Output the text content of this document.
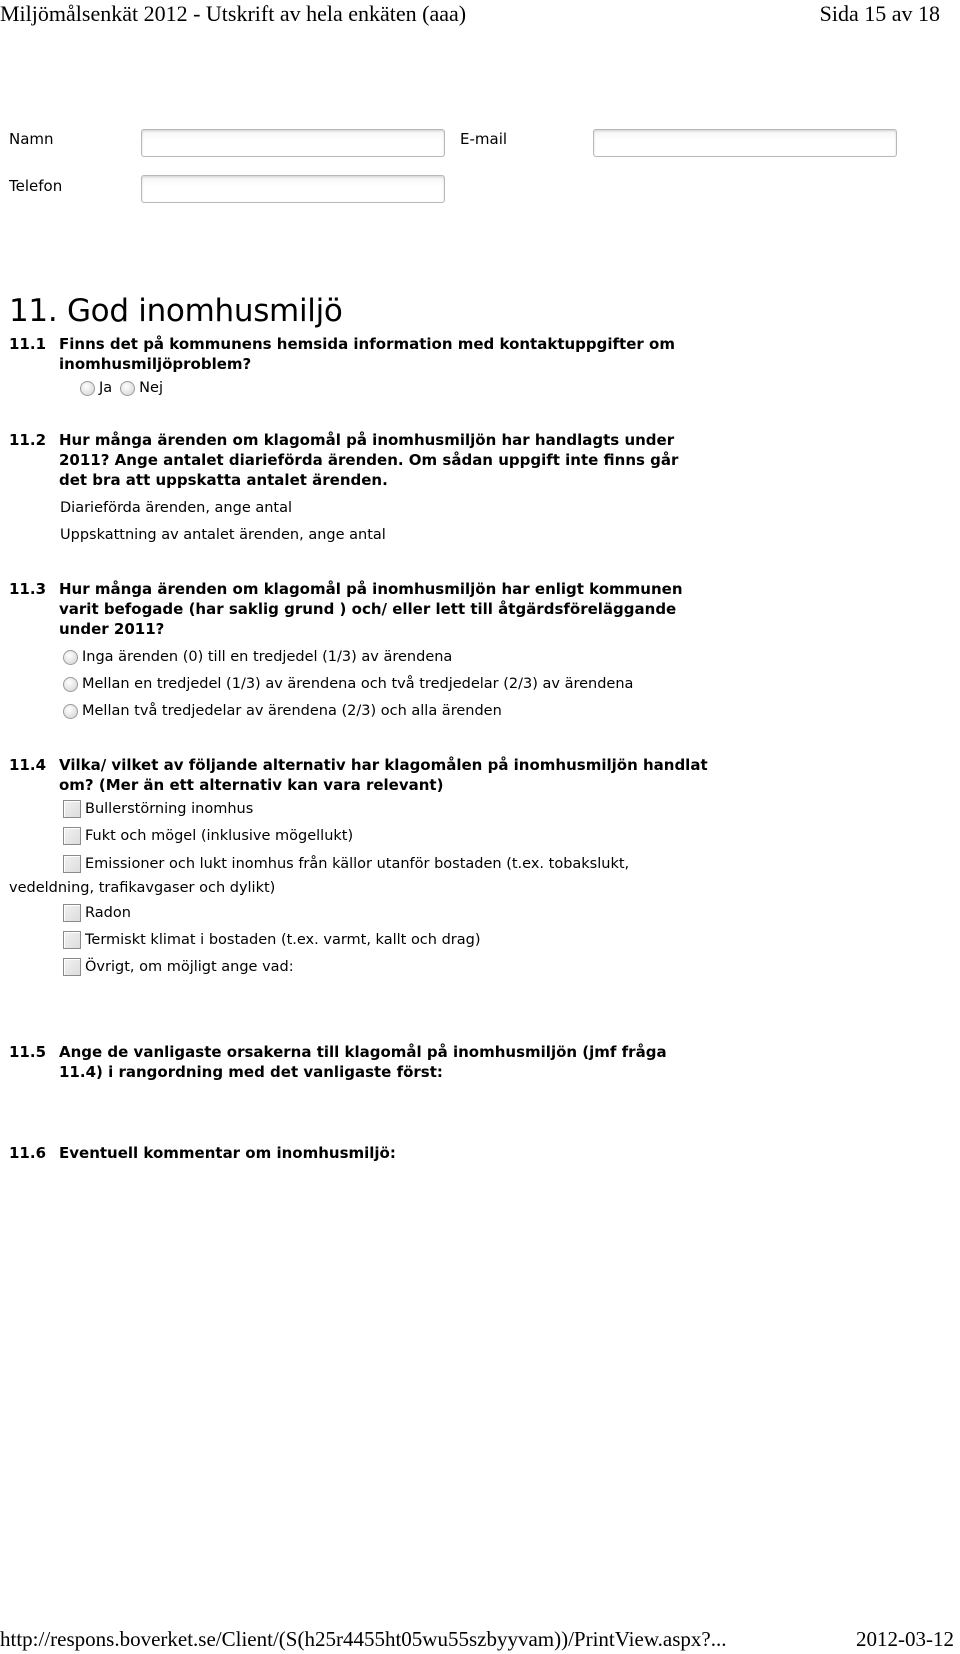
Miljömålsenkät 2012 - Utskrift av hela enkäten (aaa)	Sida 15 av 18
Namn	E-mail
Telefon
11. God inomhusmiljö
11.1 Finns det på kommunens hemsida information med kontaktuppgifter om inomhusmiljöproblem?
Ja Nej
11.2 Hur många ärenden om klagomål på inomhusmiljön har handlagts under 2011? Ange antalet diarieförda ärenden. Om sådan uppgift inte finns går det bra att uppskatta antalet ärenden.
Diarieförda ärenden, ange antal
Uppskattning av antalet ärenden, ange antal
11.3 Hur många ärenden om klagomål på inomhusmiljön har enligt kommunen varit befogade (har saklig grund ) och/ eller lett till åtgärdsföreläggande under 2011?
Inga ärenden (0) till en tredjedel (1/3) av ärendena
Mellan en tredjedel (1/3) av ärendena och två tredjedelar (2/3) av ärendena
Mellan två tredjedelar av ärendena (2/3) och alla ärenden
11.4 Vilka/ vilket av följande alternativ har klagomålen på inomhusmiljön handlat om? (Mer än ett alternativ kan vara relevant)
Bullerstörning inomhus
Fukt och mögel (inklusive mögellukt)
Emissioner och lukt inomhus från källor utanför bostaden (t.ex. tobakslukt,
vedeldning, trafikavgaser och dylikt)
Radon
Termiskt klimat i bostaden (t.ex. varmt, kallt och drag)
Övrigt, om möjligt ange vad:
11.5 Ange de vanligaste orsakerna till klagomål på inomhusmiljön (jmf fråga 11.4) i rangordning med det vanligaste först:
11.6 Eventuell kommentar om inomhusmiljö:
http://respons.boverket.se/Client/(S(h25r4455ht05wu55szbyyvam))/PrintView.aspx?...	2012-03-12
